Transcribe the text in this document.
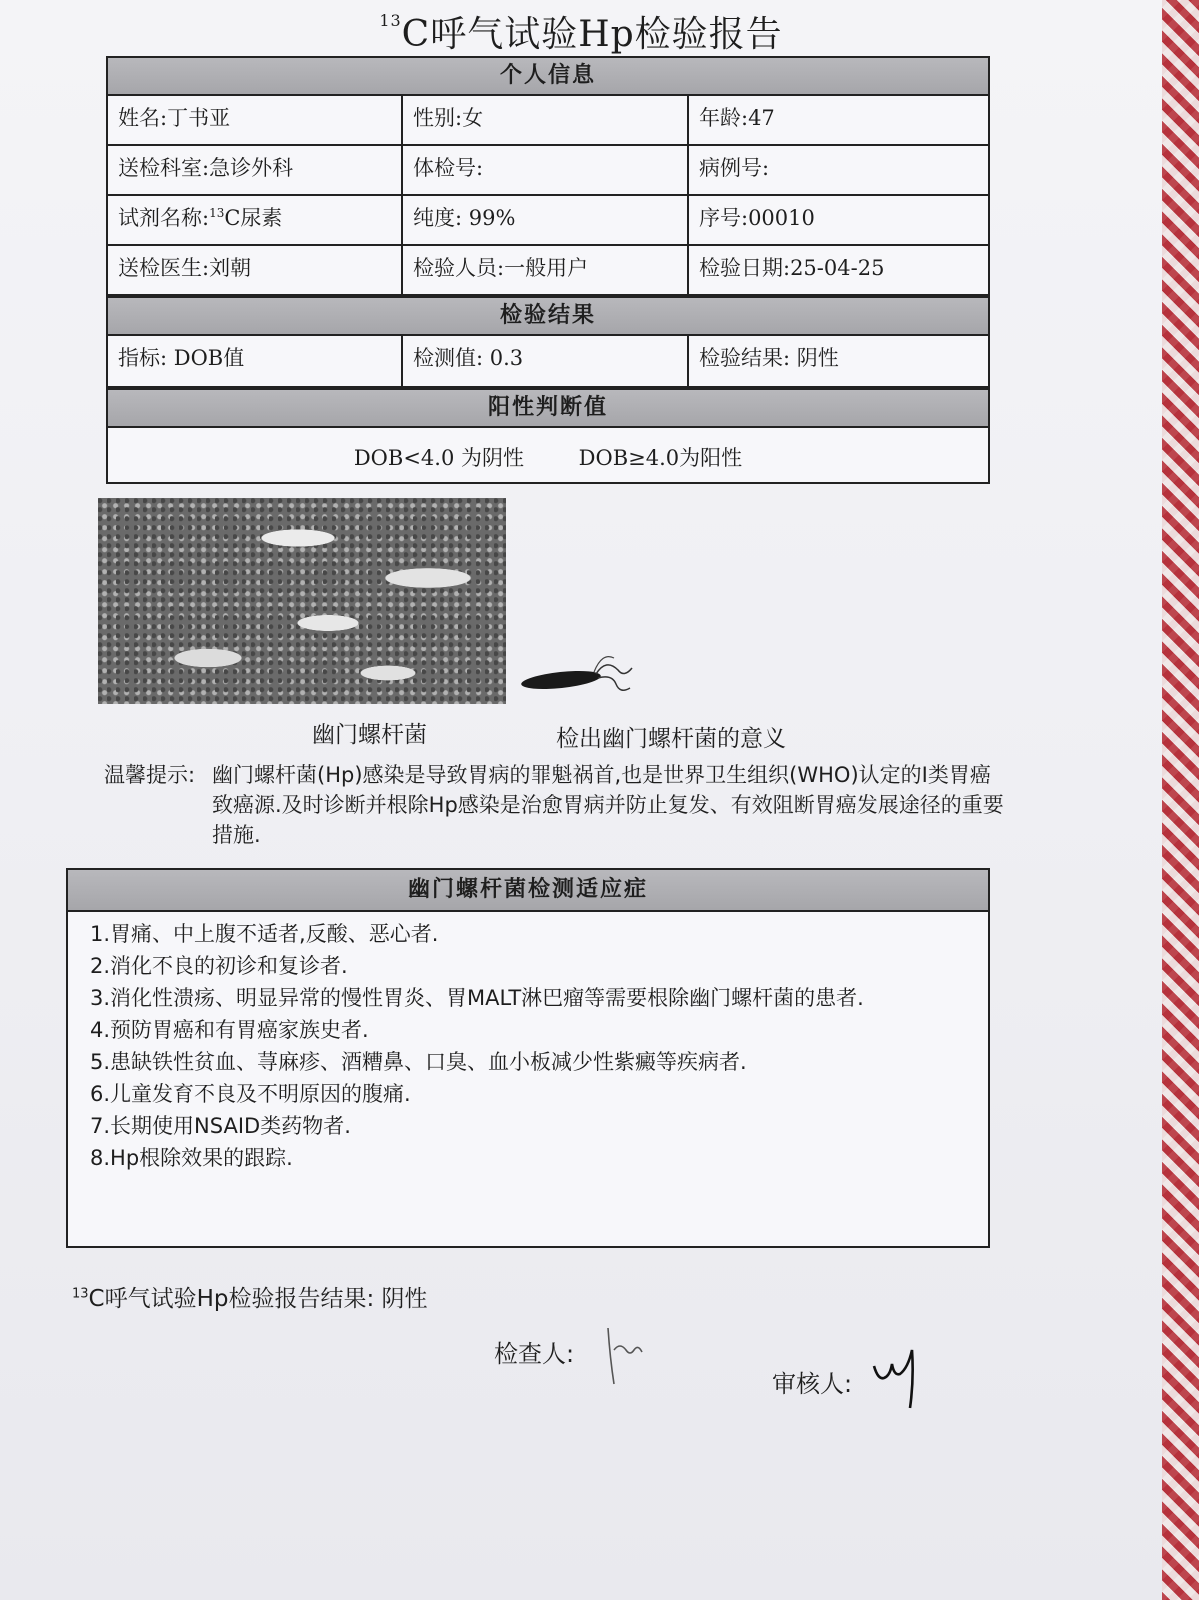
$^{13}$C呼气试验Hp检验报告
个人信息
姓名:丁书亚	性别:女	年龄:47
送检科室:急诊外科	体检号:	病例号:
试剂名称:$^{13}$C尿素	纯度: 99%	序号:00010
送检医生:刘朝	检验人员:一般用户	检验日期:25-04-25
检验结果
指标: DOB值	检测值: 0.3	检验结果: 阴性
阳性判断值
DOB<4.0 为阴性	DOB≥4.0为阳性
幽门螺杆菌	检出幽门螺杆菌的意义
温馨提示: 幽门螺杆菌(Hp)感染是导致胃病的罪魁祸首,也是世界卫生组织(WHO)认定的I类胃癌致癌源.及时诊断并根除Hp感染是治愈胃病并防止复发、有效阻断胃癌发展途径的重要措施.
幽门螺杆菌检测适应症
1.胃痛、中上腹不适者,反酸、恶心者.
2.消化不良的初诊和复诊者.
3.消化性溃疡、明显异常的慢性胃炎、胃MALT淋巴瘤等需要根除幽门螺杆菌的患者.
4.预防胃癌和有胃癌家族史者.
5.患缺铁性贫血、荨麻疹、酒糟鼻、口臭、血小板减少性紫癜等疾病者.
6.儿童发育不良及不明原因的腹痛.
7.长期使用NSAID类药物者.
8.Hp根除效果的跟踪.
$^{13}$C呼气试验Hp检验报告结果: 阴性
检查人:
审核人:
